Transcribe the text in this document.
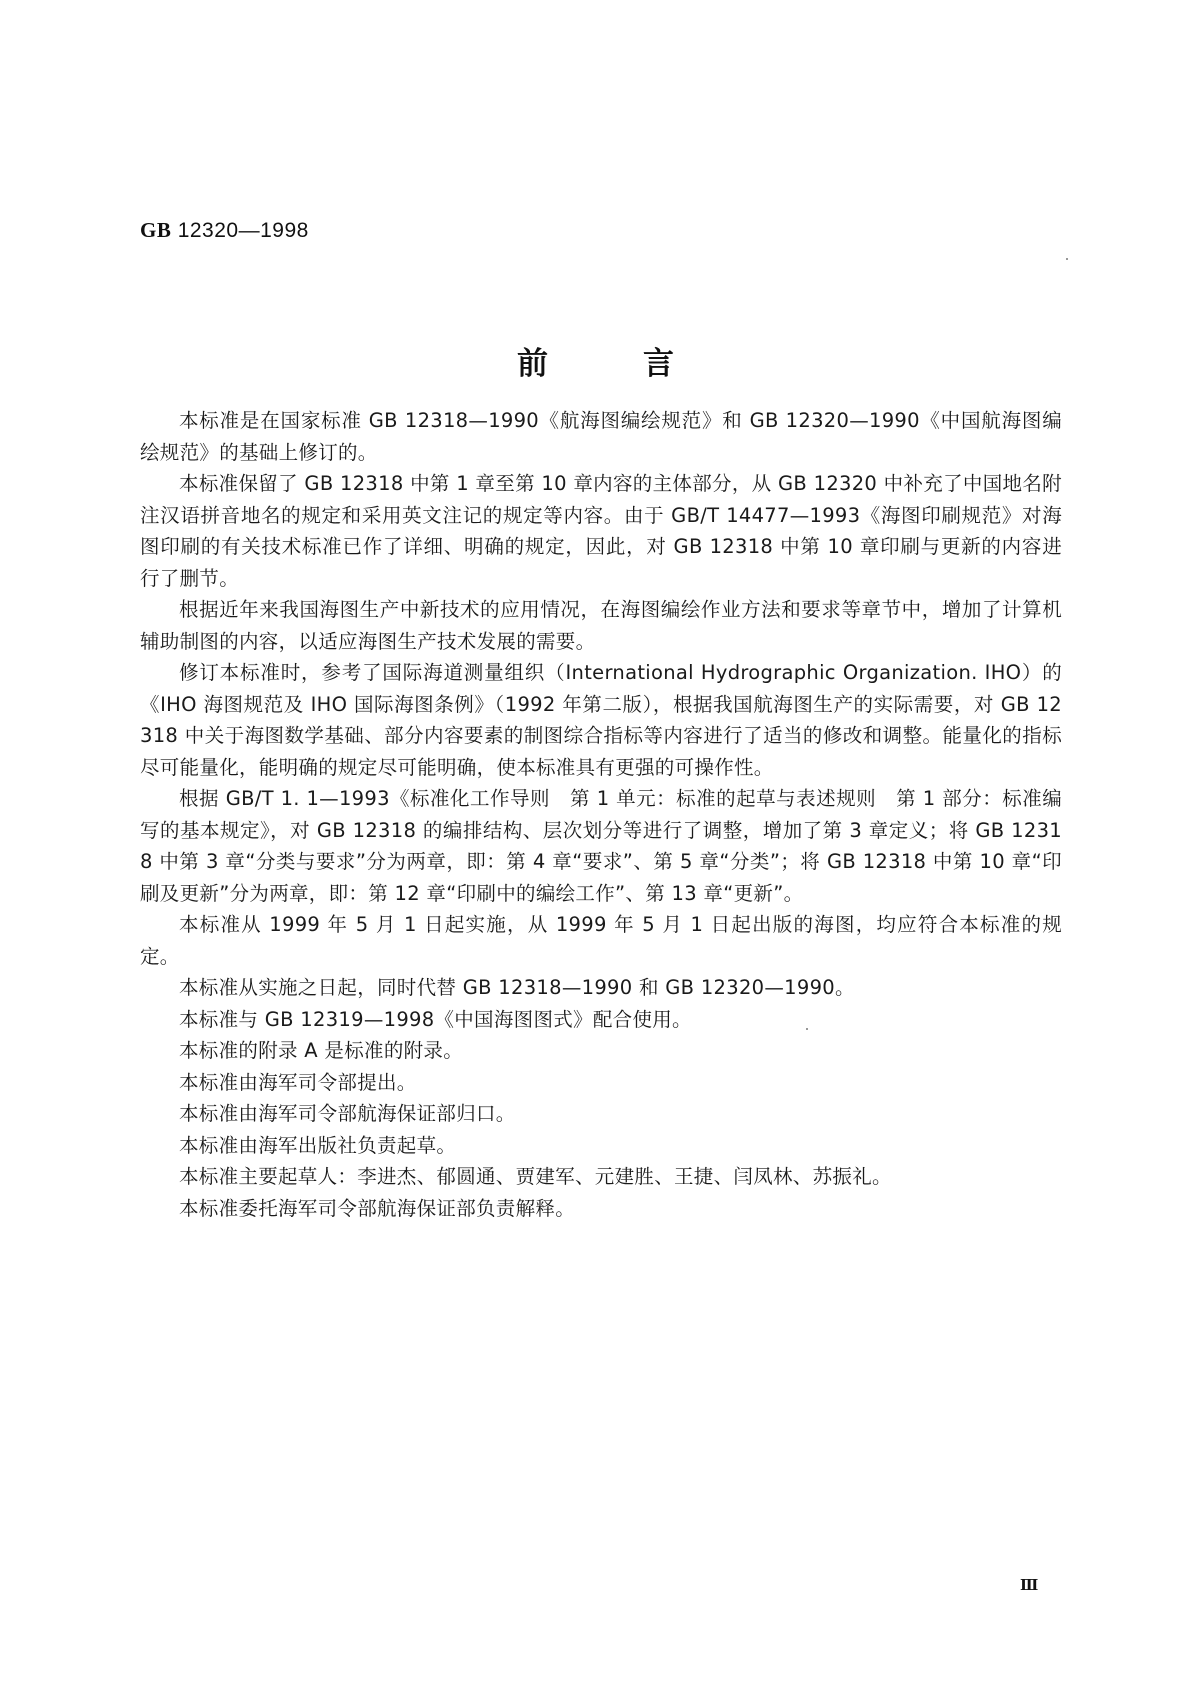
GB 12320—1998
前言

本标准是在国家标准 GB 12318—1990《航海图编绘规范》和 GB 12320—1990《中国航海图编绘规范》的基础上修订的。

本标准保留了 GB 12318 中第 1 章至第 10 章内容的主体部分，从 GB 12320 中补充了中国地名附注汉语拼音地名的规定和采用英文注记的规定等内容。由于 GB/T 14477—1993《海图印刷规范》对海图印刷的有关技术标准已作了详细、明确的规定，因此，对 GB 12318 中第 10 章印刷与更新的内容进行了删节。

根据近年来我国海图生产中新技术的应用情况，在海图编绘作业方法和要求等章节中，增加了计算机辅助制图的内容，以适应海图生产技术发展的需要。

修订本标准时，参考了国际海道测量组织（International Hydrographic Organization. IHO）的《IHO 海图规范及 IHO 国际海图条例》（1992 年第二版），根据我国航海图生产的实际需要，对 GB 12318 中关于海图数学基础、部分内容要素的制图综合指标等内容进行了适当的修改和调整。能量化的指标尽可能量化，能明确的规定尽可能明确，使本标准具有更强的可操作性。

根据 GB/T 1. 1—1993《标准化工作导则　第 1 单元：标准的起草与表述规则　第 1 部分：标准编写的基本规定》，对 GB 12318 的编排结构、层次划分等进行了调整，增加了第 3 章定义；将 GB 12318 中第 3 章“分类与要求”分为两章，即：第 4 章“要求”、第 5 章“分类”；将 GB 12318 中第 10 章“印刷及更新”分为两章，即：第 12 章“印刷中的编绘工作”、第 13 章“更新”。

本标准从 1999 年 5 月 1 日起实施，从 1999 年 5 月 1 日起出版的海图，均应符合本标准的规定。

本标准从实施之日起，同时代替 GB 12318—1990 和 GB 12320—1990。

本标准与 GB 12319—1998《中国海图图式》配合使用。

本标准的附录 A 是标准的附录。

本标准由海军司令部提出。

本标准由海军司令部航海保证部归口。

本标准由海军出版社负责起草。

本标准主要起草人：李进杰、郁圆通、贾建军、元建胜、王捷、闫凤林、苏振礼。

本标准委托海军司令部航海保证部负责解释。

Ⅲ
